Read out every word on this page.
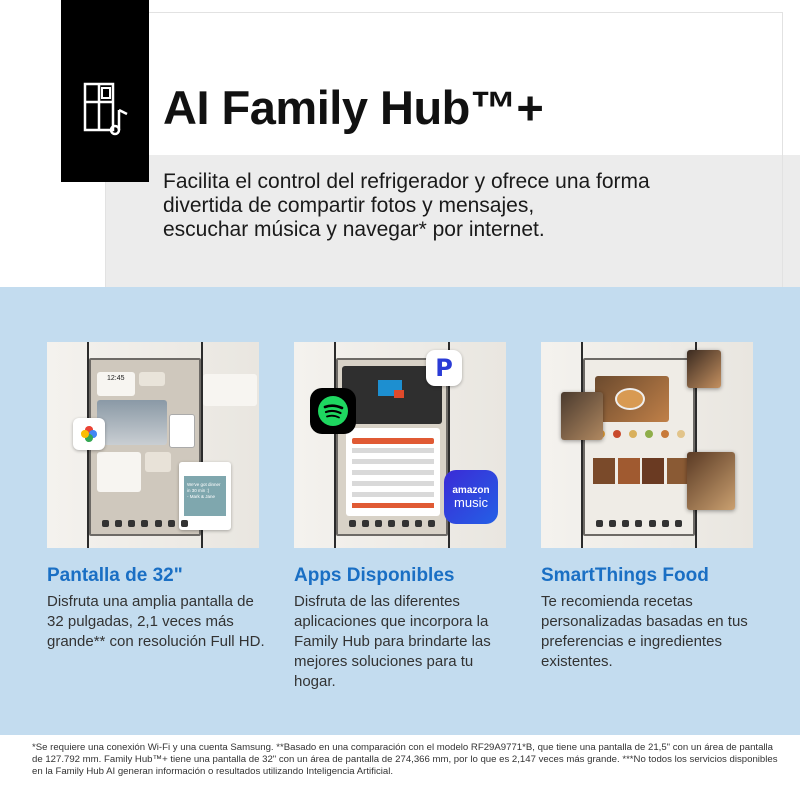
AI Family Hub™+
Facilita el control del refrigerador y ofrece una forma
divertida de compartir fotos y mensajes,
escuchar música y navegar* por internet.
12:45
We've got dinner
in 30 min :)
- Mark & Jane
P
amazon
music
Pantalla de 32"
Disfruta una amplia pantalla de
32 pulgadas, 2,1 veces más
grande** con resolución Full HD.
Apps Disponibles
Disfruta de las diferentes
aplicaciones que incorpora la
Family Hub para brindarte las
mejores soluciones para tu
hogar.
SmartThings Food
Te recomienda recetas
personalizadas basadas en tus
preferencias e ingredientes
existentes.
*Se requiere una conexión Wi-Fi y una cuenta Samsung. **Basado en una comparación con el modelo RF29A9771*B, que tiene una pantalla de 21,5" con un área de pantalla
de 127.792 mm. Family Hub™+ tiene una pantalla de 32" con un área de pantalla de 274,366 mm, por lo que es 2,147 veces más grande. ***No todos los servicios disponibles
en la Family Hub AI generan información o resultados utilizando Inteligencia Artificial.
